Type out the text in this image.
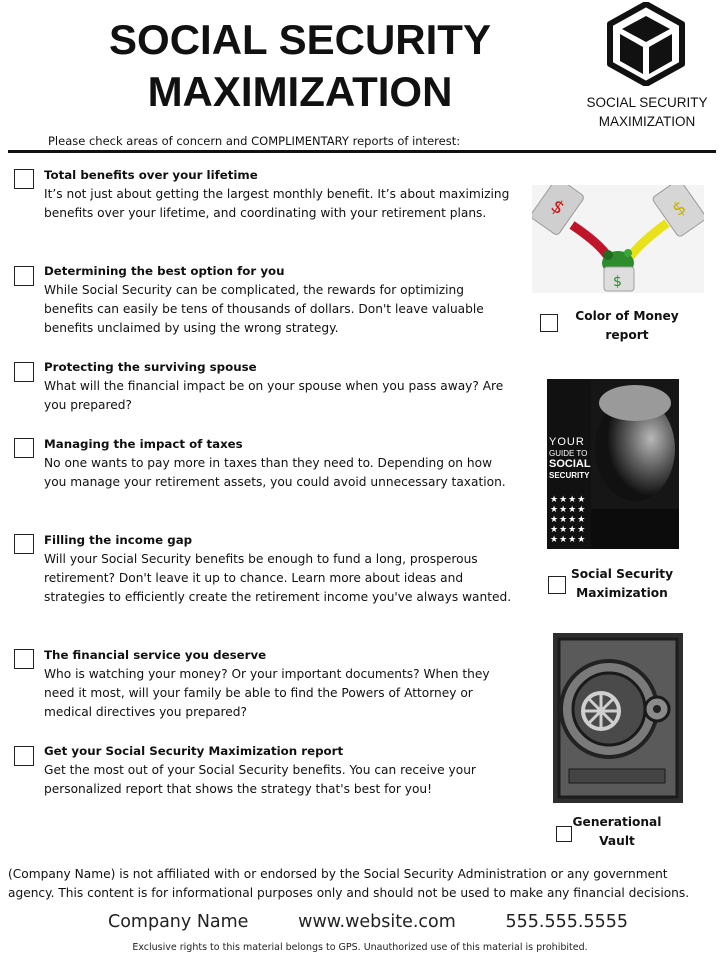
SOCIAL SECURITY MAXIMIZATION
Please check areas of concern and COMPLIMENTARY reports of interest:
SOCIAL SECURITY MAXIMIZATION
Total benefits over your lifetime
It’s not just about getting the largest monthly benefit. It’s about maximizing benefits over your lifetime, and coordinating with your retirement plans.
Determining the best option for you
While Social Security can be complicated, the rewards for optimizing benefits can easily be tens of thousands of dollars. Don't leave valuable benefits unclaimed by using the wrong strategy.
Protecting the surviving spouse
What will the financial impact be on your spouse when you pass away? Are you prepared?
Managing the impact of taxes
No one wants to pay more in taxes than they need to. Depending on how you manage your retirement assets, you could avoid unnecessary taxation.
Filling the income gap
Will your Social Security benefits be enough to fund a long, prosperous retirement? Don't leave it up to chance. Learn more about ideas and strategies to efficiently create the retirement income you've always wanted.
The financial service you deserve
Who is watching your money? Or your important documents? When they need it most, will your family be able to find the Powers of Attorney or medical directives you prepared?
Get your Social Security Maximization report
Get the most out of your Social Security benefits. You can receive your personalized report that shows the strategy that's best for you!
$	$
$
Color of Money report
YOUR
GUIDE TO
SOCIAL
SECURITY
★★★★
★★★★
★★★★
★★★★
★★★★
Social Security Maximization
Generational Vault
(Company Name) is not affiliated with or endorsed by the Social Security Administration or any government agency. This content is for informational purposes only and should not be used to make any financial decisions.
Company Name	www.website.com	555.555.5555
Exclusive rights to this material belongs to GPS. Unauthorized use of this material is prohibited.
